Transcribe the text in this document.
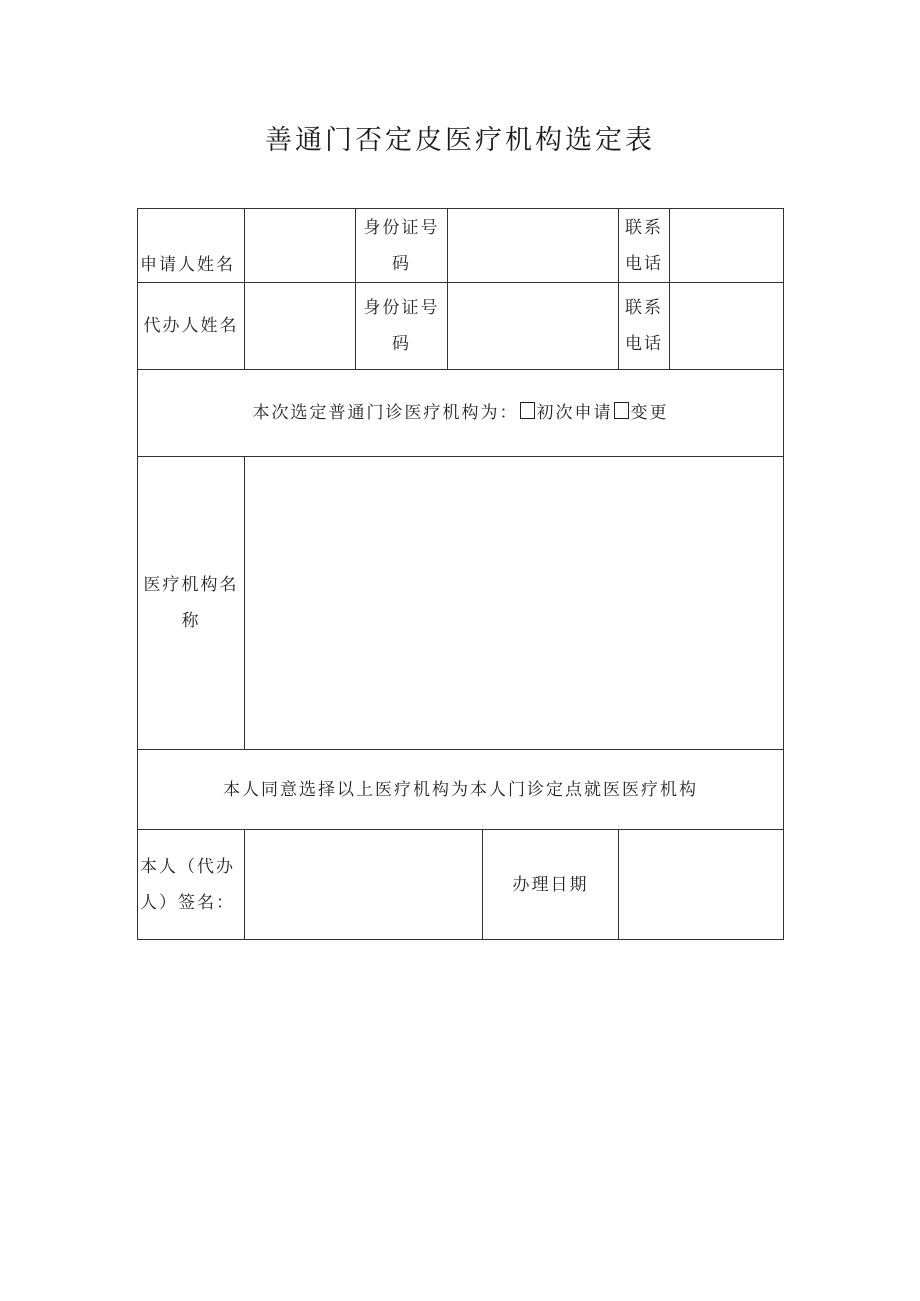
善通门否定皮医疗机构选定表
申请人姓名		身份证号码			联系电话	
代办人姓名		身份证号码			联系电话	
本次选定普通门诊医疗机构为： 初次申请 变更						
医疗机构名称						
本人同意选择以上医疗机构为本人门诊定点就医医疗机构						
本人（代办人）签名：				办理日期		
